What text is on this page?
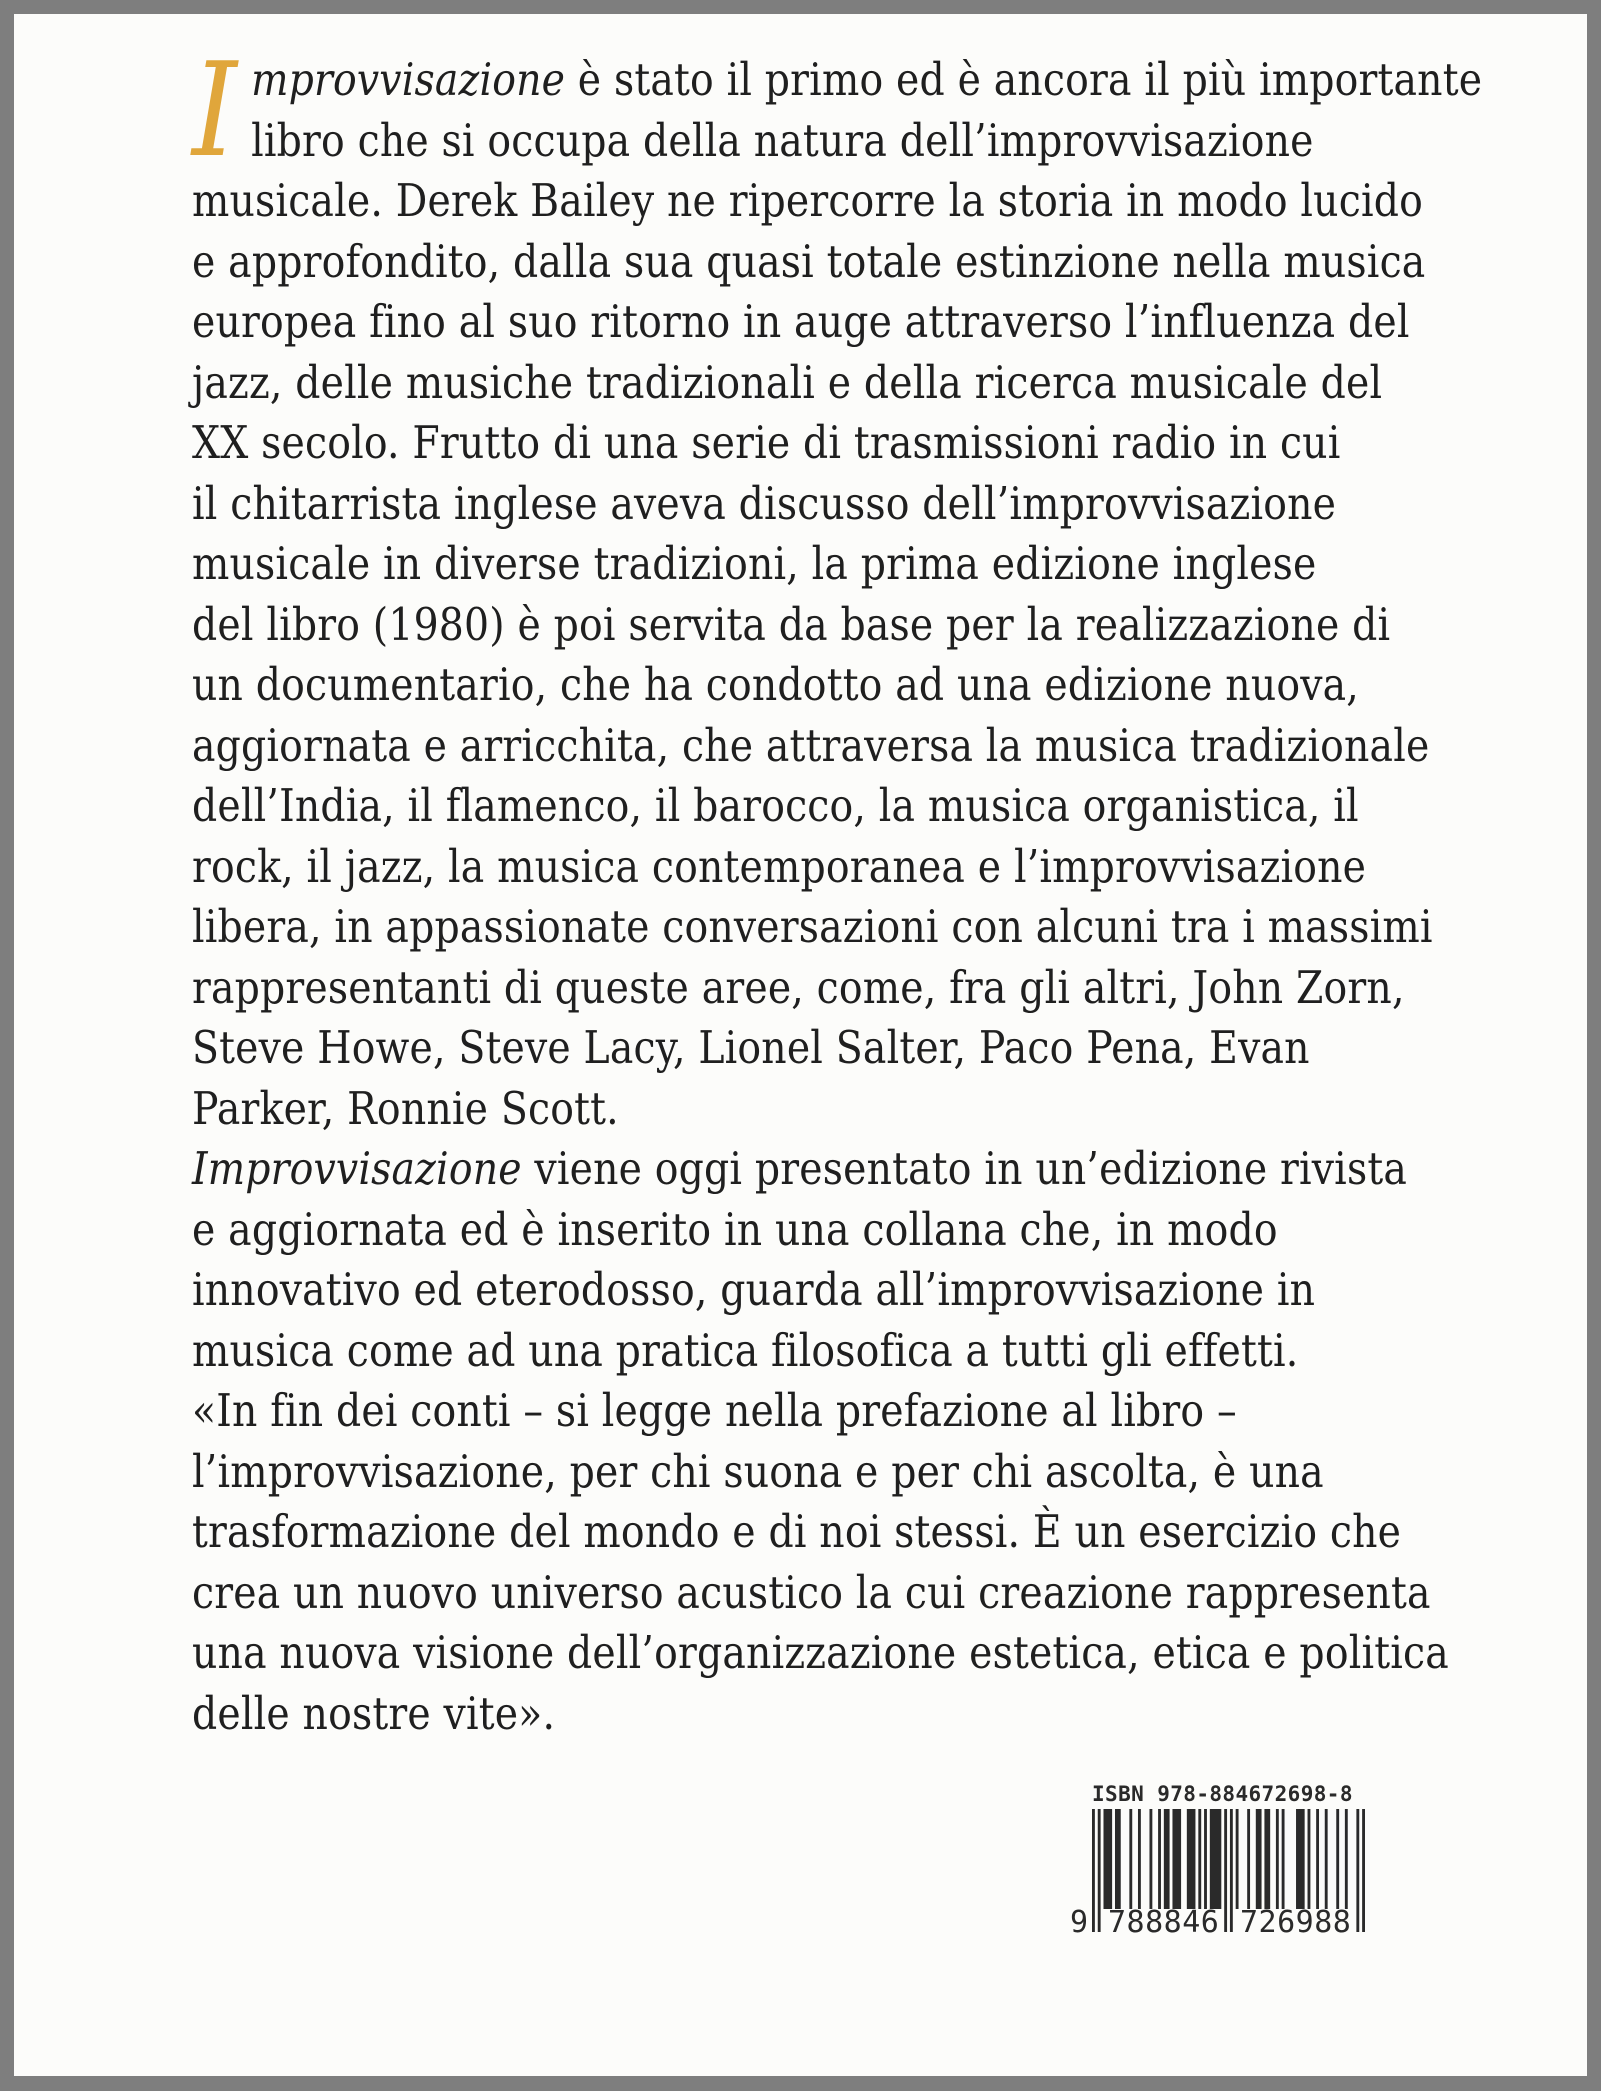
I mprovvisazione è stato il primo ed è ancora il più importante
libro che si occupa della natura dell’improvvisazione
musicale. Derek Bailey ne ripercorre la storia in modo lucido
e approfondito, dalla sua quasi totale estinzione nella musica
europea fino al suo ritorno in auge attraverso l’influenza del
jazz, delle musiche tradizionali e della ricerca musicale del
XX secolo. Frutto di una serie di trasmissioni radio in cui
il chitarrista inglese aveva discusso dell’improvvisazione
musicale in diverse tradizioni, la prima edizione inglese
del libro (1980) è poi servita da base per la realizzazione di
un documentario, che ha condotto ad una edizione nuova,
aggiornata e arricchita, che attraversa la musica tradizionale
dell’India, il flamenco, il barocco, la musica organistica, il
rock, il jazz, la musica contemporanea e l’improvvisazione
libera, in appassionate conversazioni con alcuni tra i massimi
rappresentanti di queste aree, come, fra gli altri, John Zorn,
Steve Howe, Steve Lacy, Lionel Salter, Paco Pena, Evan
Parker, Ronnie Scott.
Improvvisazione viene oggi presentato in un’edizione rivista
e aggiornata ed è inserito in una collana che, in modo
innovativo ed eterodosso, guarda all’improvvisazione in
musica come ad una pratica filosofica a tutti gli effetti.
«In fin dei conti – si legge nella prefazione al libro –
l’improvvisazione, per chi suona e per chi ascolta, è una
trasformazione del mondo e di noi stessi. È un esercizio che
crea un nuovo universo acustico la cui creazione rappresenta
una nuova visione dell’organizzazione estetica, etica e politica
delle nostre vite».
ISBN 978-884672698-8
9 788846 726988
